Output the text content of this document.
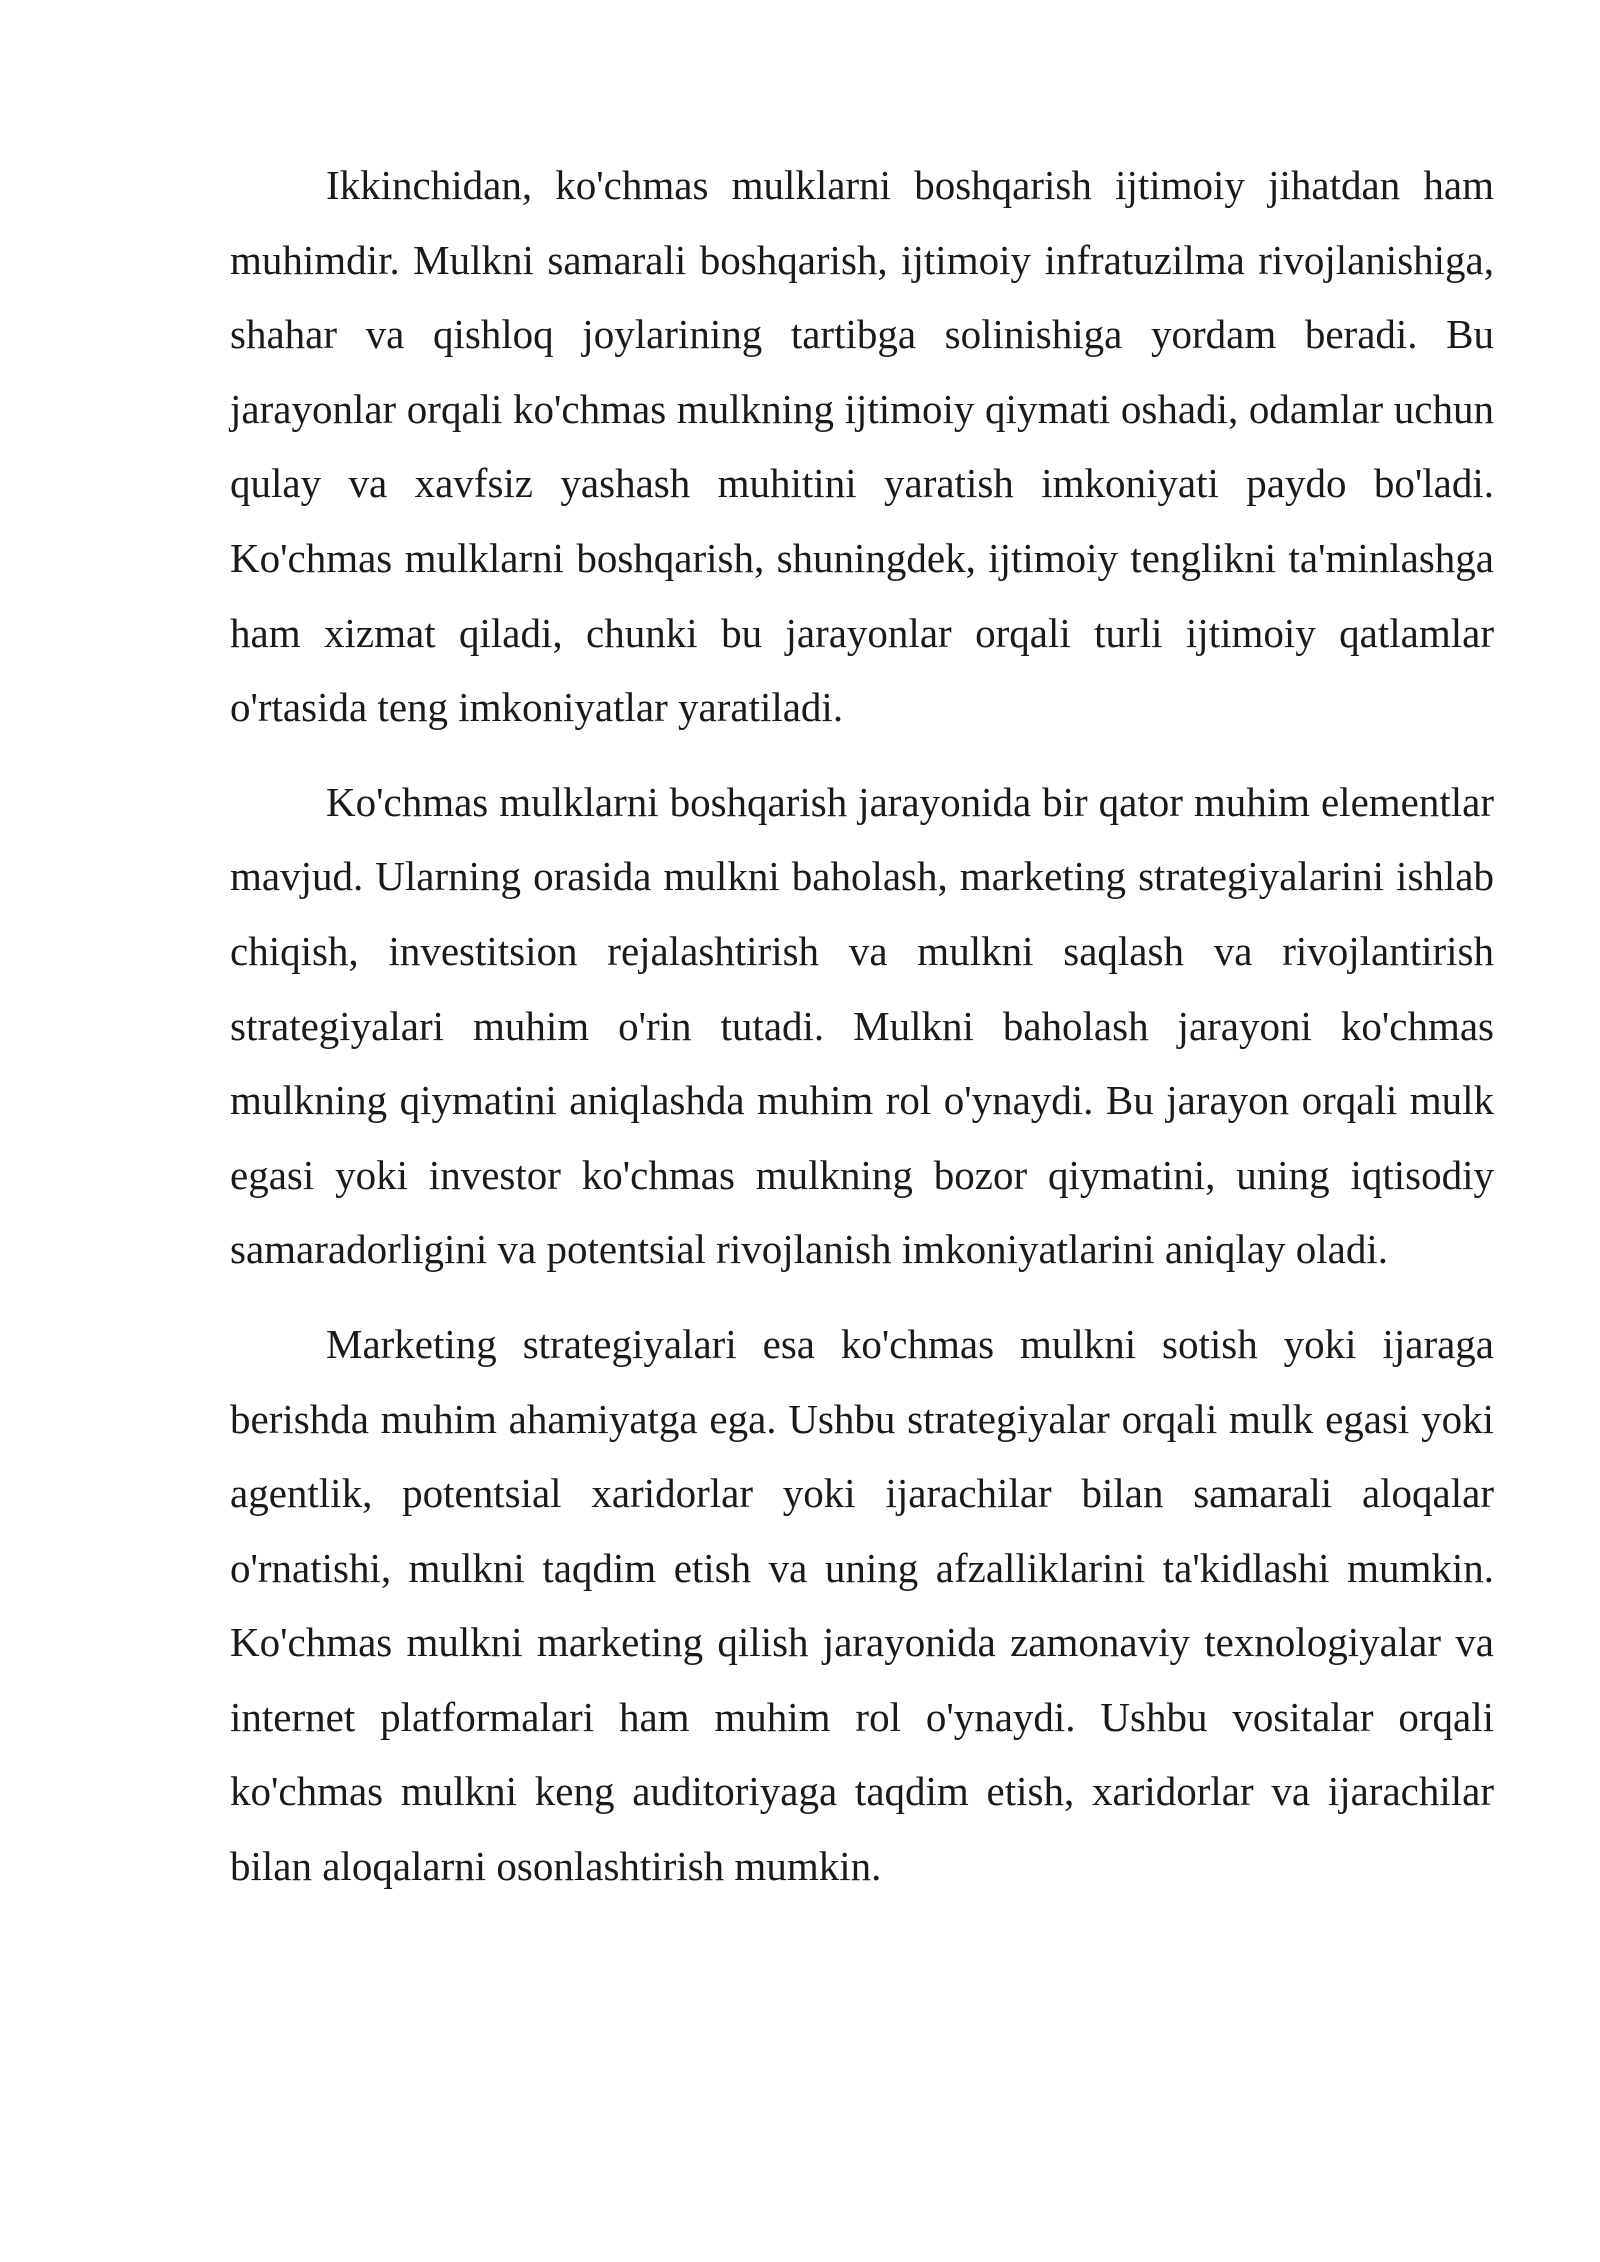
Ikkinchidan, ko'chmas mulklarni boshqarish ijtimoiy jihatdan ham muhimdir. Mulkni samarali boshqarish, ijtimoiy infratuzilma rivojlanishiga, shahar va qishloq joylarining tartibga solinishiga yordam beradi. Bu jarayonlar orqali ko'chmas mulkning ijtimoiy qiymati oshadi, odamlar uchun qulay va xavfsiz yashash muhitini yaratish imkoniyati paydo bo'ladi. Ko'chmas mulklarni boshqarish, shuningdek, ijtimoiy tenglikni ta'minlashga ham xizmat qiladi, chunki bu jarayonlar orqali turli ijtimoiy qatlamlar o'rtasida teng imkoniyatlar yaratiladi.

Ko'chmas mulklarni boshqarish jarayonida bir qator muhim elementlar mavjud. Ularning orasida mulkni baholash, marketing strategiyalarini ishlab chiqish, investitsion rejalashtirish va mulkni saqlash va rivojlantirish strategiyalari muhim o'rin tutadi. Mulkni baholash jarayoni ko'chmas mulkning qiymatini aniqlashda muhim rol o'ynaydi. Bu jarayon orqali mulk egasi yoki investor ko'chmas mulkning bozor qiymatini, uning iqtisodiy samaradorligini va potentsial rivojlanish imkoniyatlarini aniqlay oladi.

Marketing strategiyalari esa ko'chmas mulkni sotish yoki ijaraga berishda muhim ahamiyatga ega. Ushbu strategiyalar orqali mulk egasi yoki agentlik, potentsial xaridorlar yoki ijarachilar bilan samarali aloqalar o'rnatishi, mulkni taqdim etish va uning afzalliklarini ta'kidlashi mumkin. Ko'chmas mulkni marketing qilish jarayonida zamonaviy texnologiyalar va internet platformalari ham muhim rol o'ynaydi. Ushbu vositalar orqali ko'chmas mulkni keng auditoriyaga taqdim etish, xaridorlar va ijarachilar bilan aloqalarni osonlashtirish mumkin.
